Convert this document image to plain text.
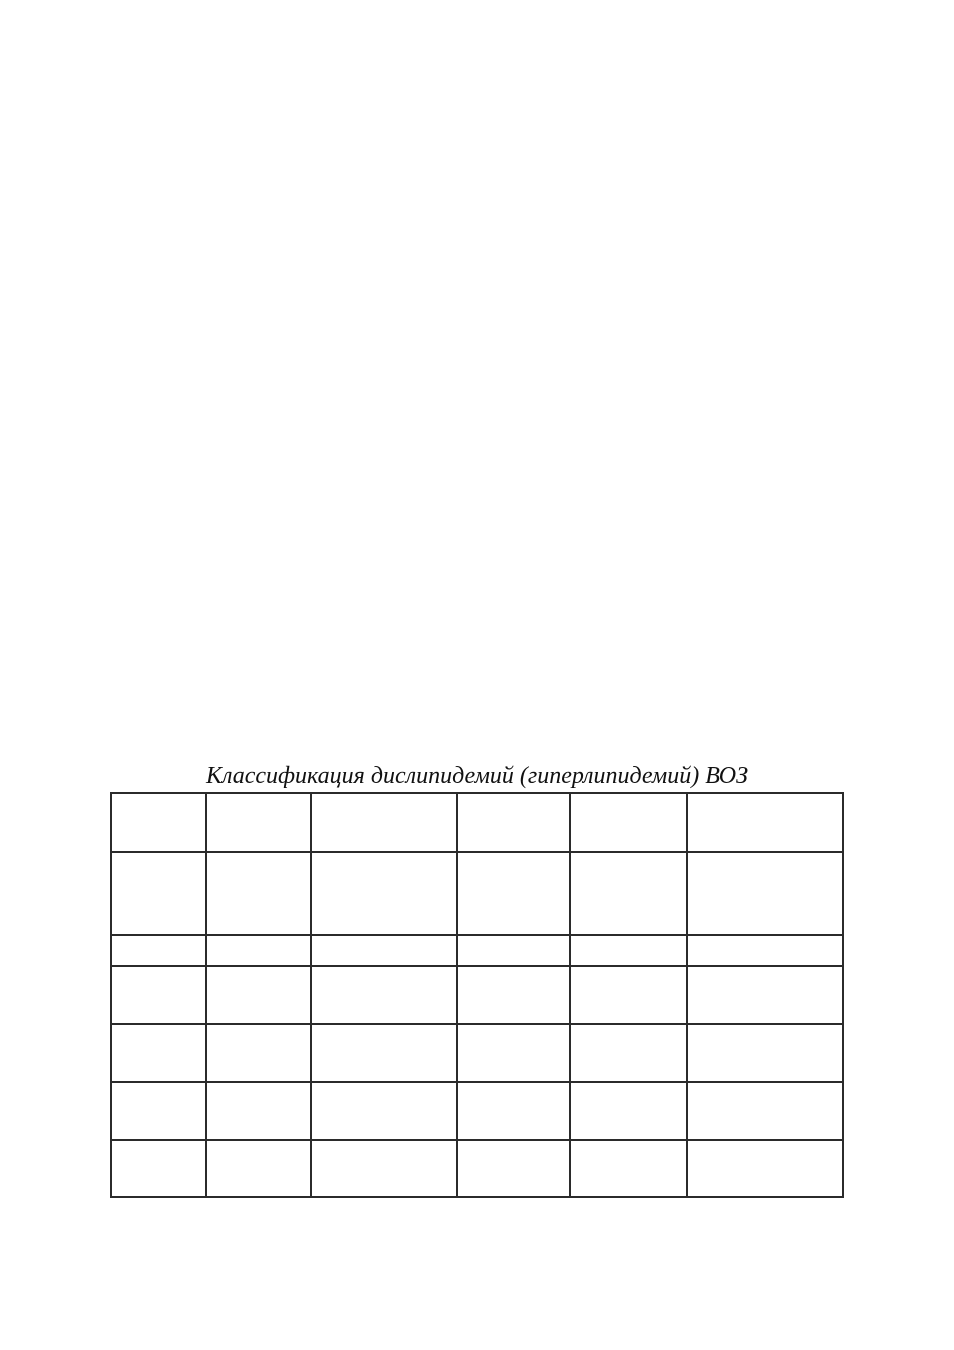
Классификация дислипидемий (гиперлипидемий) ВОЗ
